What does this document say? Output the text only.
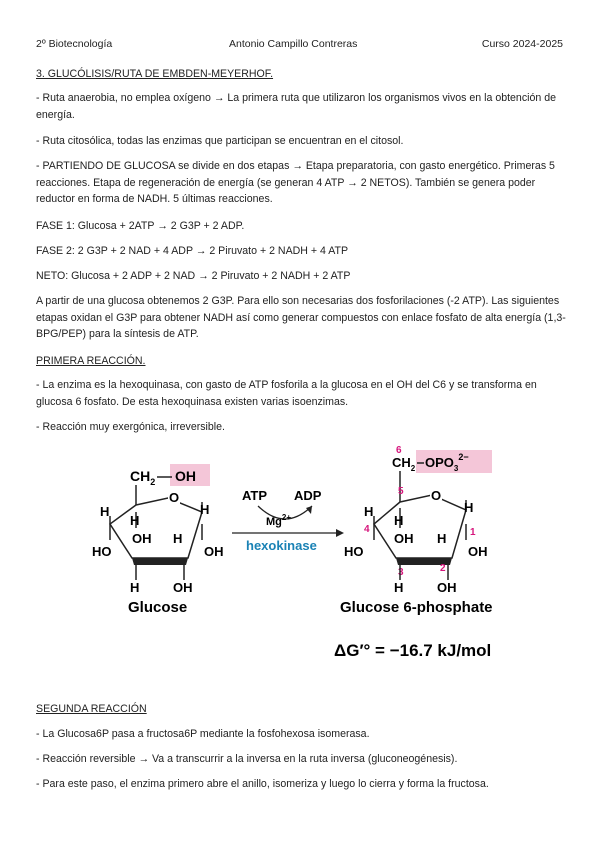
2º Biotecnología	Antonio Campillo Contreras	Curso 2024-2025
3. GLUCÓLISIS/RUTA DE EMBDEN-MEYERHOF.
- Ruta anaerobia, no emplea oxígeno → La primera ruta que utilizaron los organismos vivos en la obtención de energía.
- Ruta citosólica, todas las enzimas que participan se encuentran en el citosol.
- PARTIENDO DE GLUCOSA se divide en dos etapas → Etapa preparatoria, con gasto energético. Primeras 5 reacciones. Etapa de regeneración de energía (se generan 4 ATP → 2 NETOS). También se genera poder reductor en forma de NADH. 5 últimas reacciones.
FASE 1: Glucosa + 2ATP → 2 G3P + 2 ADP.
FASE 2: 2 G3P + 2 NAD + 4 ADP → 2 Piruvato + 2 NADH + 4 ATP
NETO: Glucosa + 2 ADP + 2 NAD → 2 Piruvato + 2 NADH + 2 ATP
A partir de una glucosa obtenemos 2 G3P. Para ello son necesarias dos fosforilaciones (-2 ATP). Las siguientes etapas oxidan el G3P para obtener NADH así como generar compuestos con enlace fosfato de alta energía (1,3-BPG/PEP) para la síntesis de ATP.
PRIMERA REACCIÓN.
- La enzima es la hexoquinasa, con gasto de ATP fosforila a la glucosa en el OH del C6 y se transforma en glucosa 6 fosfato. De esta hexoquinasa existen varias isoenzimas.
- Reacción muy exergónica, irreversible.
$CH_2$ OH
O
H
HO
H
H
OH
OH H
H	OH
Glucose
ATP ADP
$Mg^{2+}$
hexokinase
6
$CH_2$ $OPO_3^{2-}$
5 O
4	1
3	2
H
HO
H
H
OH
OH H
H	OH
Glucose 6-phosphate
ΔG′° = −16.7 kJ/mol
SEGUNDA REACCIÓN
- La Glucosa6P pasa a fructosa6P mediante la fosfohexosa isomerasa.
- Reacción reversible → Va a transcurrir a la inversa en la ruta inversa (gluconeogénesis).
- Para este paso, el enzima primero abre el anillo, isomeriza y luego lo cierra y forma la fructosa.
